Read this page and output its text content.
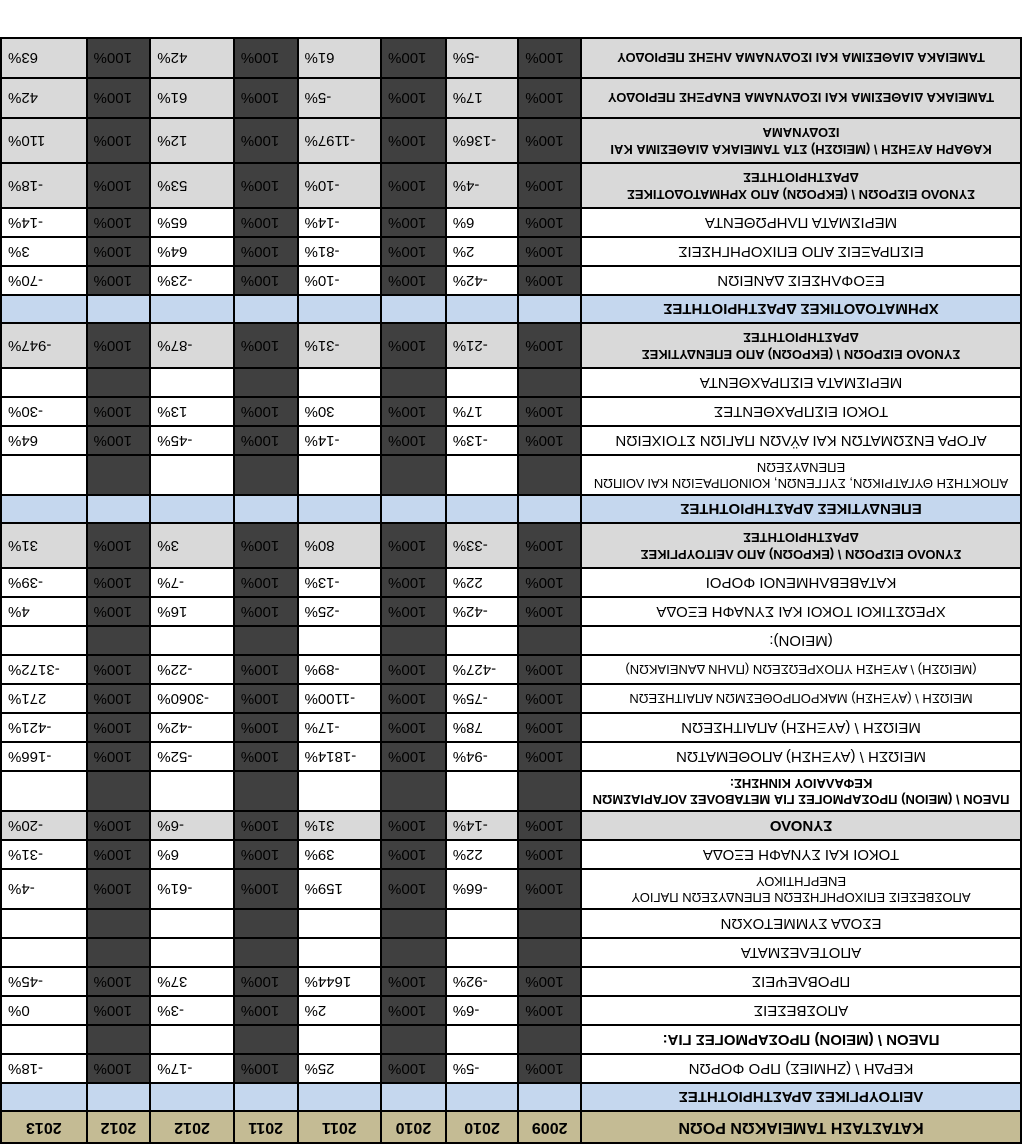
ΚΑΤΑΣΤΑΣΗ ΤΑΜΕΙΑΚΩΝ ΡΟΩΝ	2009	2010	2010	2011	2011	2012	2012	2013
ΛΕΙΤΟΥΡΓΙΚΕΣ ΔΡΑΣΤΗΡΙΟΤΗΤΕΣ								
ΚΕΡΔΗ \ (ΖΗΜΙΕΣ) ΠΡΟ ΦΟΡΩΝ	100%	-5%	100%	25%	100%	-17%	100%	-18%
ΠΛΕΟΝ \ (ΜΕΙΟΝ) ΠΡΟΣΑΡΜΟΓΕΣ ΓΙΑ:								
ΑΠΟΣΒΕΣΕΙΣ	100%	-6%	100%	2%	100%	-3%	100%	0%
ΠΡΟΒΛΕΨΕΙΣ	100%	-92%	100%	1644%	100%	37%	100%	-45%
ΑΠΟΤΕΛΕΣΜΑΤΑ								
ΕΣΟΔΑ ΣΥΜΜΕΤΟΧΩΝ								
ΑΠΟΣΒΕΣΕΙΣ ΕΠΙΧΟΡΗΓΗΣΕΩΝ ΕΠΕΝΔΥΣΕΩΝ ΠΑΓΙΟΥ ΕΝΕΡΓΗΤΙΚΟΥ	100%	-66%	100%	159%	100%	-61%	100%	-4%
ΤΟΚΟΙ ΚΑΙ ΣΥΝΑΦΗ ΕΞΟΔΑ	100%	22%	100%	39%	100%	6%	100%	-31%
ΣΥΝΟΛΟ	100%	-14%	100%	31%	100%	-6%	100%	-20%
ΠΛΕΟΝ \ (ΜΕΙΟΝ) ΠΡΟΣΑΡΜΟΓΕΣ ΓΙΑ ΜΕΤΑΒΟΛΕΣ ΛΟΓΑΡΙΑΣΜΩΝ ΚΕΦΑΛΑΙΟΥ ΚΙΝΗΣΗΣ:								
ΜΕΙΩΣΗ \ (ΑΥΞΗΣΗ) ΑΠΟΘΕΜΑΤΩΝ	100%	-94%	100%	-1814%	100%	-52%	100%	-166%
ΜΕΙΩΣΗ \ (ΑΥΞΗΣΗ) ΑΠΑΙΤΗΣΕΩΝ	100%	78%	100%	-17%	100%	-42%	100%	-421%
ΜΕΙΩΣΗ \ (ΑΥΞΗΣΗ) ΜΑΚΡΟΠΡΟΘΕΣΜΩΝ ΑΠΑΙΤΗΣΕΩΝ	100%	-75%	100%	-1100%	100%	-3060%	100%	271%
(ΜΕΙΩΣΗ) \ ΑΥΞΗΣΗ ΥΠΟΧΡΕΩΣΕΩΝ (ΠΛΗΝ ΔΑΝΕΙΑΚΩΝ)	100%	-427%	100%	-89%	100%	-22%	100%	-3172%
(ΜΕΙΟΝ):								
ΧΡΕΩΣΤΙΚΟΙ ΤΟΚΟΙ ΚΑΙ ΣΥΝΑΦΗ ΕΞΟΔΑ	100%	-42%	100%	-25%	100%	16%	100%	4%
ΚΑΤΑΒΕΒΛΗΜΕΝΟΙ ΦΟΡΟΙ	100%	22%	100%	-13%	100%	-7%	100%	-39%
ΣΥΝΟΛΟ ΕΙΣΡΟΩΝ \ (ΕΚΡΟΩΝ) ΑΠΟ ΛΕΙΤΟΥΡΓΙΚΕΣ ΔΡΑΣΤΗΡΙΟΤΗΤΕΣ	100%	-33%	100%	80%	100%	3%	100%	31%
ΕΠΕΝΔΥΤΙΚΕΣ ΔΡΑΣΤΗΡΙΟΤΗΤΕΣ								
ΑΠΟΚΤΗΣΗ ΘΥΓΑΤΡΙΚΩΝ, ΣΥΓΓΕΝΩΝ, ΚΟΙΝΟΠΡΑΞΙΩΝ ΚΑΙ ΛΟΙΠΩΝ ΕΠΕΝΔΥΣΕΩΝ								
ΑΓΟΡΑ ΕΝΣΩΜΑΤΩΝ ΚΑΙ ΑΫΛΩΝ ΠΑΓΙΩΝ ΣΤΟΙΧΕΙΩΝ	100%	-13%	100%	-14%	100%	-45%	100%	64%
ΤΟΚΟΙ ΕΙΣΠΡΑΧΘΕΝΤΕΣ	100%	17%	100%	30%	100%	13%	100%	-30%
ΜΕΡΙΣΜΑΤΑ ΕΙΣΠΡΑΧΘΕΝΤΑ								
ΣΥΝΟΛΟ ΕΙΣΡΟΩΝ \ (ΕΚΡΟΩΝ) ΑΠΟ ΕΠΕΝΔΥΤΙΚΕΣ ΔΡΑΣΤΗΡΙΟΤΗΤΕΣ	100%	-21%	100%	-31%	100%	-87%	100%	-947%
ΧΡΗΜΑΤΟΔΟΤΙΚΕΣ ΔΡΑΣΤΗΡΙΟΤΗΤΕΣ								
ΕΞΟΦΛΗΣΕΙΣ ΔΑΝΕΙΩΝ	100%	-42%	100%	-10%	100%	-23%	100%	-70%
ΕΙΣΠΡΑΞΕΙΣ ΑΠΟ ΕΠΙΧΟΡΗΓΗΣΕΙΣ	100%	2%	100%	-81%	100%	64%	100%	3%
ΜΕΡΙΣΜΑΤΑ ΠΛΗΡΩΘΕΝΤΑ	100%	6%	100%	-14%	100%	65%	100%	-14%
ΣΥΝΟΛΟ ΕΙΣΡΟΩΝ \ (ΕΚΡΟΩΝ) ΑΠΟ ΧΡΗΜΑΤΟΔΟΤΙΚΕΣ ΔΡΑΣΤΗΡΙΟΤΗΤΕΣ	100%	-4%	100%	-10%	100%	53%	100%	-18%
ΚΑΘΑΡΗ ΑΥΞΗΣΗ \ (ΜΕΙΩΣΗ) ΣΤΑ ΤΑΜΕΙΑΚΑ ΔΙΑΘΕΣΙΜΑ ΚΑΙ ΙΣΟΔΥΝΑΜΑ	100%	-136%	100%	-1197%	100%	12%	100%	110%
ΤΑΜΕΙΑΚΑ ΔΙΑΘΕΣΙΜΑ ΚΑΙ ΙΣΟΔΥΝΑΜΑ ΕΝΑΡΞΗΣ ΠΕΡΙΟΔΟΥ	100%	17%	100%	-5%	100%	61%	100%	42%
ΤΑΜΕΙΑΚΑ ΔΙΑΘΕΣΙΜΑ ΚΑΙ ΙΣΟΔΥΝΑΜΑ ΛΗΞΗΣ ΠΕΡΙΟΔΟΥ	100%	-5%	100%	61%	100%	42%	100%	63%
